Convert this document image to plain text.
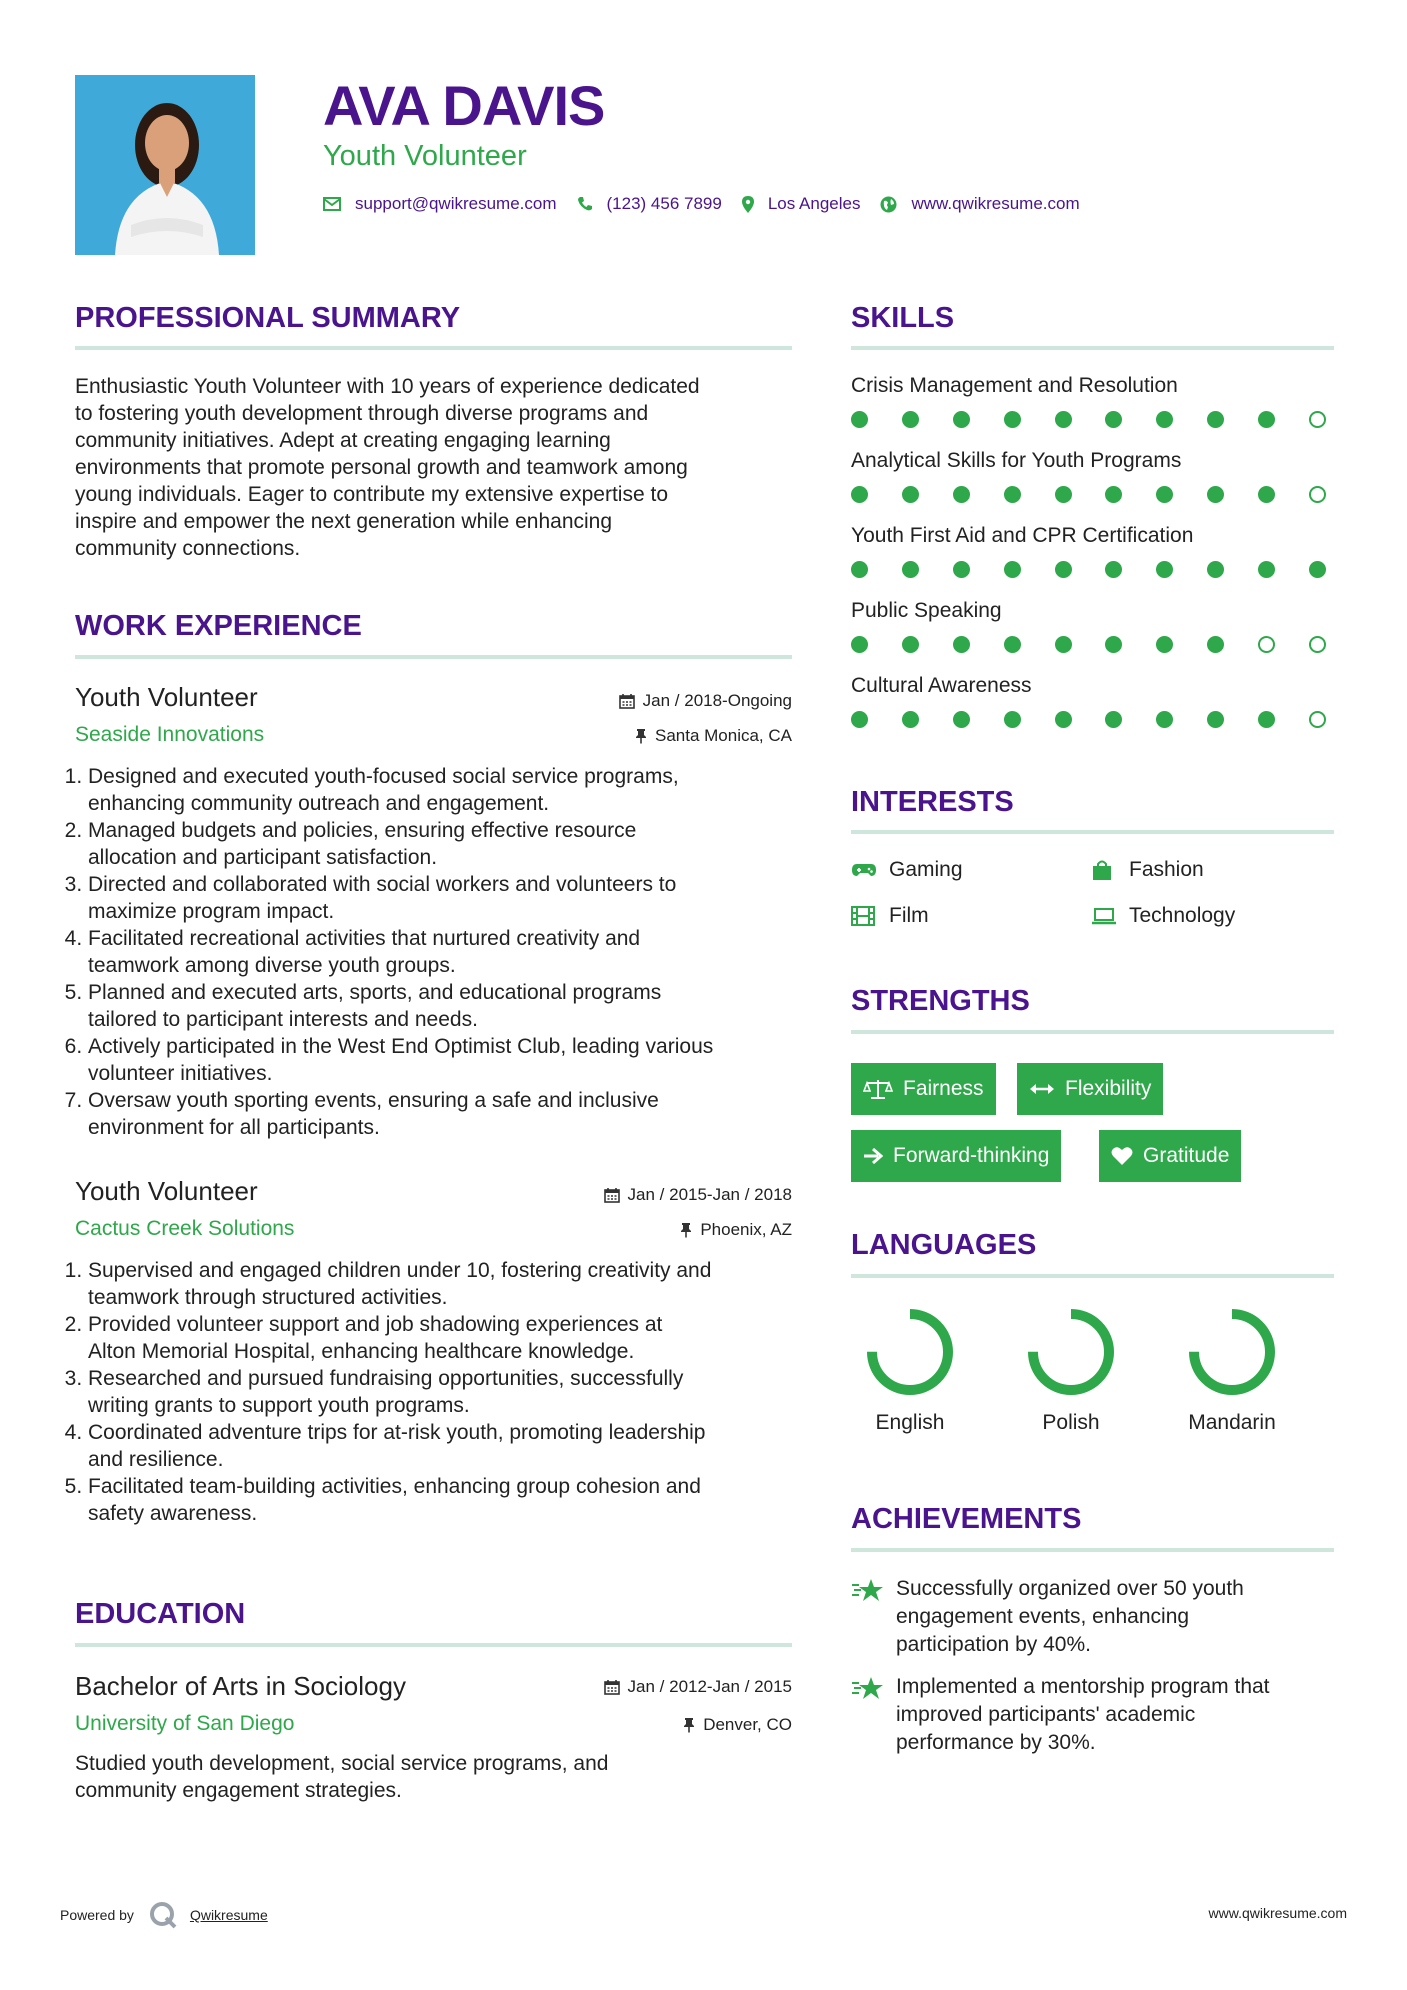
AVA DAVIS
Youth Volunteer
support@qwikresume.com	(123) 456 7899	Los Angeles	www.qwikresume.com
PROFESSIONAL SUMMARY
Enthusiastic Youth Volunteer with 10 years of experience dedicated
to fostering youth development through diverse programs and
community initiatives. Adept at creating engaging learning
environments that promote personal growth and teamwork among
young individuals. Eager to contribute my extensive expertise to
inspire and empower the next generation while enhancing
community connections.
WORK EXPERIENCE
Youth Volunteer	Jan / 2018-Ongoing
Seaside Innovations	Santa Monica, CA
1. Designed and executed youth-focused social service programs,
enhancing community outreach and engagement.
2. Managed budgets and policies, ensuring effective resource
allocation and participant satisfaction.
3. Directed and collaborated with social workers and volunteers to
maximize program impact.
4. Facilitated recreational activities that nurtured creativity and
teamwork among diverse youth groups.
5. Planned and executed arts, sports, and educational programs
tailored to participant interests and needs.
6. Actively participated in the West End Optimist Club, leading various
volunteer initiatives.
7. Oversaw youth sporting events, ensuring a safe and inclusive
environment for all participants.
Youth Volunteer	Jan / 2015-Jan / 2018
Cactus Creek Solutions	Phoenix, AZ
1. Supervised and engaged children under 10, fostering creativity and
teamwork through structured activities.
2. Provided volunteer support and job shadowing experiences at
Alton Memorial Hospital, enhancing healthcare knowledge.
3. Researched and pursued fundraising opportunities, successfully
writing grants to support youth programs.
4. Coordinated adventure trips for at-risk youth, promoting leadership
and resilience.
5. Facilitated team-building activities, enhancing group cohesion and
safety awareness.
EDUCATION
Bachelor of Arts in Sociology	Jan / 2012-Jan / 2015
University of San Diego	Denver, CO
Studied youth development, social service programs, and
community engagement strategies.
SKILLS
Crisis Management and Resolution
Analytical Skills for Youth Programs
Youth First Aid and CPR Certification
Public Speaking
Cultural Awareness
INTERESTS
Gaming	Fashion
Film	Technology
STRENGTHS
Fairness	Flexibility
Forward-thinking	Gratitude
LANGUAGES
English	Polish	Mandarin
ACHIEVEMENTS
Successfully organized over 50 youth
engagement events, enhancing
participation by 40%.
Implemented a mentorship program that
improved participants' academic
performance by 30%.
Powered by	Qwikresume	www.qwikresume.com
